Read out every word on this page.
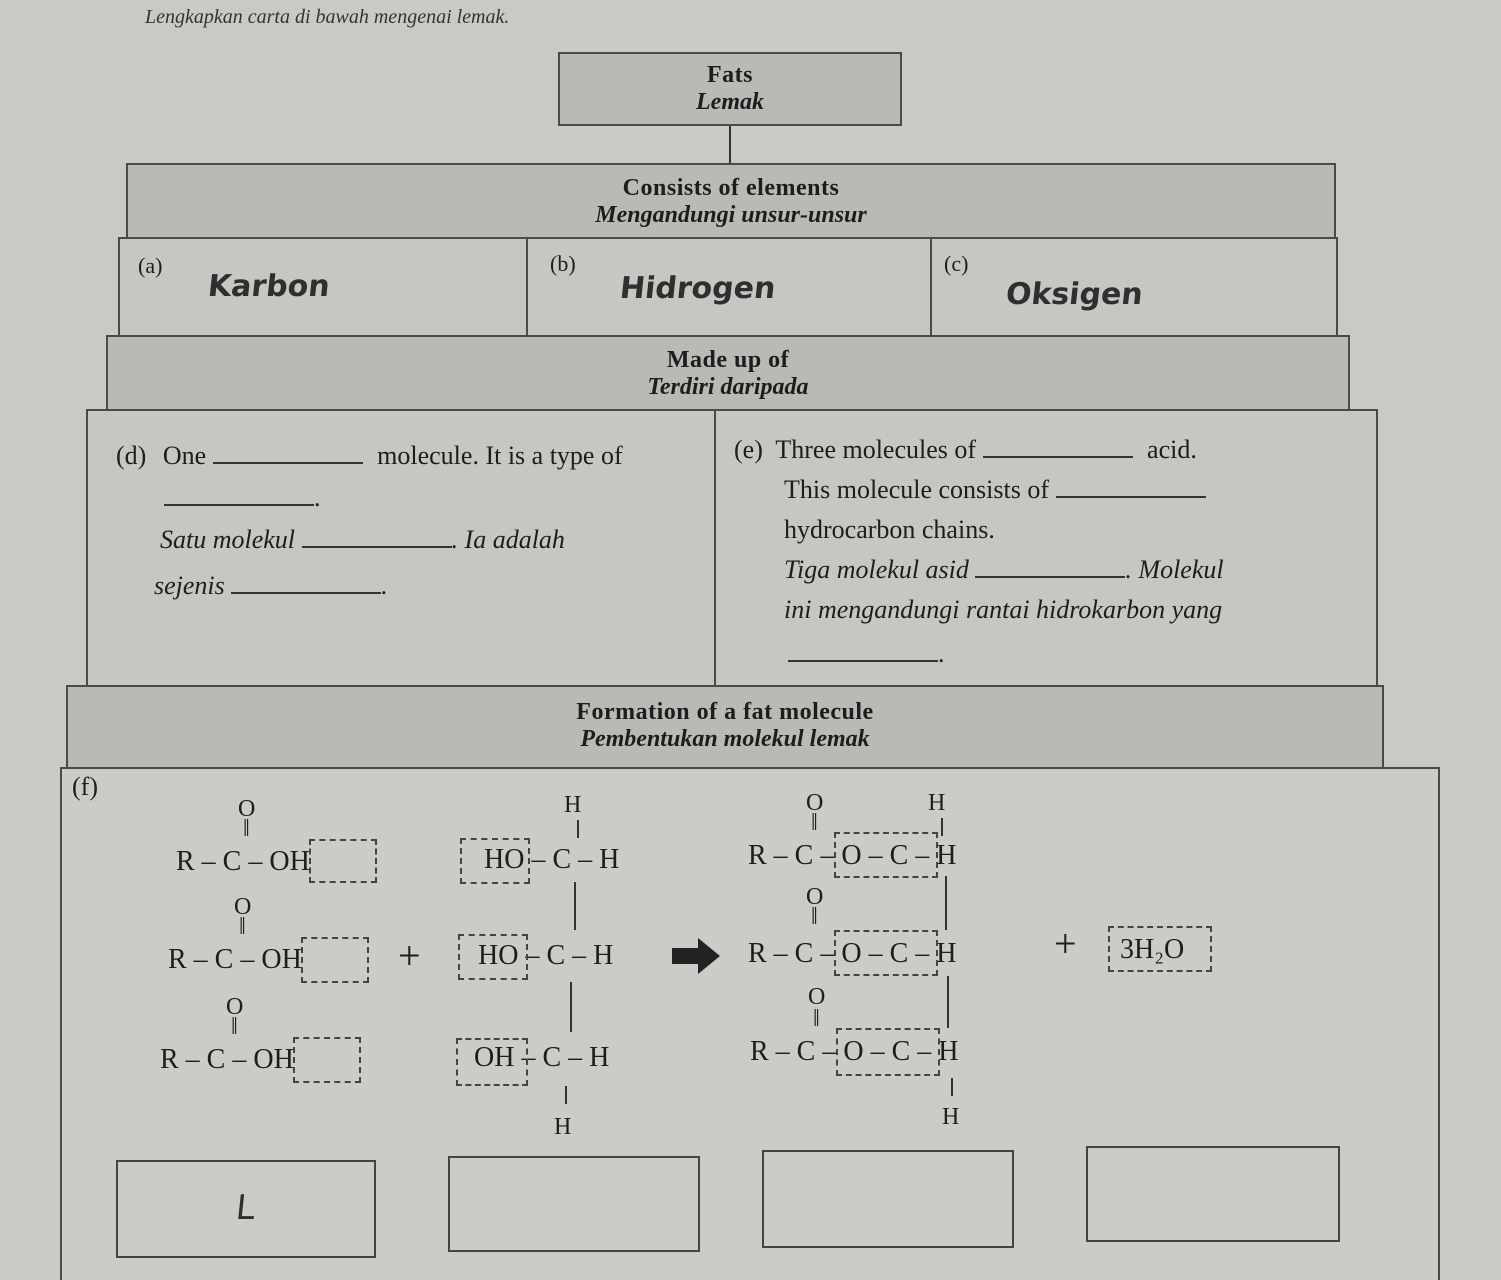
Lengkapkan carta di bawah mengenai lemak.
Fats
Lemak
Consists of elements
Mengandungi unsur-unsur
(a)
Karbon
(b)
Hidrogen
(c)
Oksigen
Made up of
Terdiri daripada
(d) One	molecule. It is a type of
.
Satu molekul	. Ia adalah
sejenis	.
(e) Three molecules of	acid.
This molecule consists of
hydrocarbon chains.
Tiga molekul asid	. Molekul
ini mengandungi rantai hidrokarbon yang
.
Formation of a fat molecule
Pembentukan molekul lemak
(f)
O
‖
R – C – OH
O
‖
R – C – OH
O
‖
R – C – OH
+
H
HO – C – H
HO – C – H
OH – C – H
H
O
‖
H
R – C – O – C – H
O
‖
R – C – O – C – H
O
‖
R – C – O – C – H
H
+ 3H₂O
L
